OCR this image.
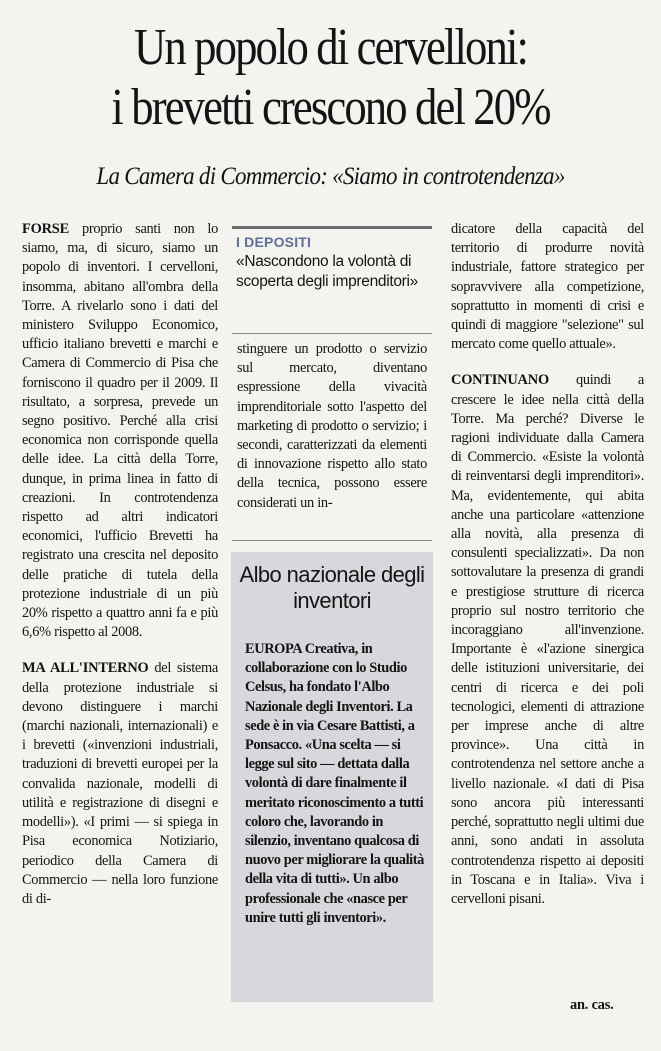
Un popolo di cervelloni:
i brevetti crescono del 20%
La Camera di Commercio: «Siamo in controtendenza»

FORSE proprio santi non lo siamo, ma, di sicuro, siamo un popolo di inventori. I cervelloni, insomma, abitano all'ombra della Torre. A rivelarlo sono i dati del ministero Sviluppo Economico, ufficio italiano brevetti e marchi e Camera di Commercio di Pisa che forniscono il quadro per il 2009. Il risultato, a sorpresa, prevede un segno positivo. Perché alla crisi economica non corrisponde quella delle idee. La città della Torre, dunque, in prima linea in fatto di creazioni. In controtendenza rispetto ad altri indicatori economici, l'ufficio Brevetti ha registrato una crescita nel deposito delle pratiche di tutela della protezione industriale di un più 20% rispetto a quattro anni fa e più 6,6% rispetto al 2008.

MA ALL'INTERNO del sistema della protezione industriale si devono distinguere i marchi (marchi nazionali, internazionali) e i brevetti («invenzioni industriali, traduzioni di brevetti europei per la convalida nazionale, modelli di utilità e registrazione di disegni e modelli»). «I primi — si spiega in Pisa economica Notiziario, periodico della Camera di Commercio — nella loro funzione di di-

I DEPOSITI
«Nascondono la volontà di scoperta degli imprenditori»

stinguere un prodotto o servizio sul mercato, diventano espressione della vivacità imprenditoriale sotto l'aspetto del marketing di prodotto o servizio; i secondi, caratterizzati da elementi di innovazione rispetto allo stato della tecnica, possono essere considerati un in-

Albo nazionale degli inventori
EUROPA Creativa, in collaborazione con lo Studio Celsus, ha fondato l'Albo Nazionale degli Inventori. La sede è in via Cesare Battisti, a Ponsacco. «Una scelta — si legge sul sito — dettata dalla volontà di dare finalmente il meritato riconoscimento a tutti coloro che, lavorando in silenzio, inventano qualcosa di nuovo per migliorare la qualità della vita di tutti». Un albo professionale che «nasce per unire tutti gli inventori».

dicatore della capacità del territorio di produrre novità industriale, fattore strategico per sopravvivere alla competizione, soprattutto in momenti di crisi e quindi di maggiore "selezione" sul mercato come quello attuale».

CONTINUANO quindi a crescere le idee nella città della Torre. Ma perché? Diverse le ragioni individuate dalla Camera di Commercio. «Esiste la volontà di reinventarsi degli imprenditori». Ma, evidentemente, qui abita anche una particolare «attenzione alla novità, alla presenza di consulenti specializzati». Da non sottovalutare la presenza di grandi e prestigiose strutture di ricerca proprio sul nostro territorio che incoraggiano all'invenzione. Importante è «l'azione sinergica delle istituzioni universitarie, dei centri di ricerca e dei poli tecnologici, elementi di attrazione per imprese anche di altre province». Una città in controtendenza nel settore anche a livello nazionale. «I dati di Pisa sono ancora più interessanti perché, soprattutto negli ultimi due anni, sono andati in assoluta controtendenza rispetto ai depositi in Toscana e in Italia». Viva i cervelloni pisani.

an. cas.
